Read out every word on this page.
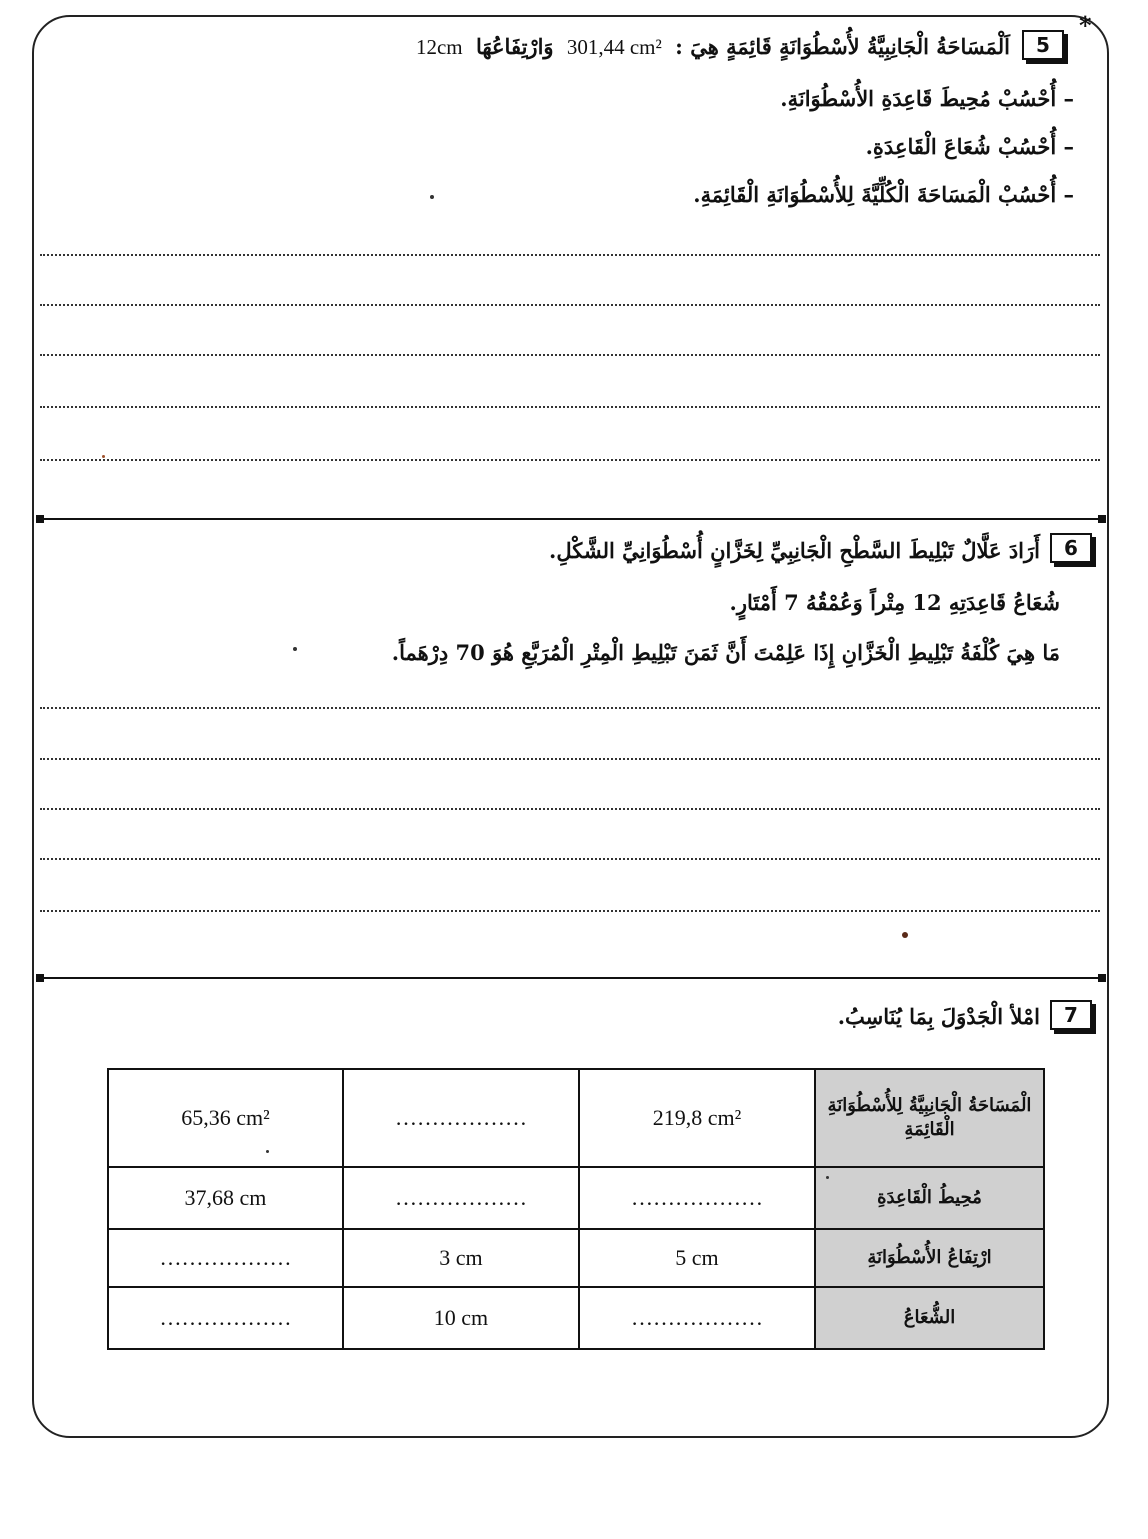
*
5
اَلْمَسَاحَةُ الْجَانِبِيَّةُ لأُسْطُوَانَةٍ قَائِمَةٍ هِيَ : 301,44 cm² وَارْتِفَاعُهَا 12cm
– أُحْسُبْ مُحِيطَ قَاعِدَةِ الأُسْطُوَانَةِ.
– أُحْسُبْ شُعَاعَ الْقَاعِدَةِ.
– أُحْسُبْ الْمَسَاحَةَ الْكُلِّيَّةَ لِلأُسْطُوَانَةِ الْقَائِمَةِ.
6
أَرَادَ عَلَّالٌ تَبْلِيطَ السَّطْحِ الْجَانِبِيِّ لِخَزَّانٍ أُسْطُوَانِيِّ الشَّكْلِ.
شُعَاعُ قَاعِدَتِهِ 12 مِتْراً وَعُمْقُهُ 7 أَمْتَارٍ.
مَا هِيَ كُلْفَةُ تَبْلِيطِ الْخَزَّانِ إِذَا عَلِمْتَ أَنَّ ثَمَنَ تَبْلِيطِ الْمِتْرِ الْمُرَبَّعِ هُوَ 70 دِرْهَماً.
7
امْلأ الْجَدْوَلَ بِمَا يُنَاسِبُ.
65,36 cm²	………………	219,8 cm²	الْمَسَاحَةُ الْجَانِبِيَّةُ لِلأُسْطُوَانَةِ الْقَائِمَةِ
37,68 cm	………………	………………	مُحِيطُ الْقَاعِدَةِ
………………	3 cm	5 cm	ارْتِفَاعُ الأُسْطُوَانَةِ
………………	10 cm	………………	الشُّعَاعُ
